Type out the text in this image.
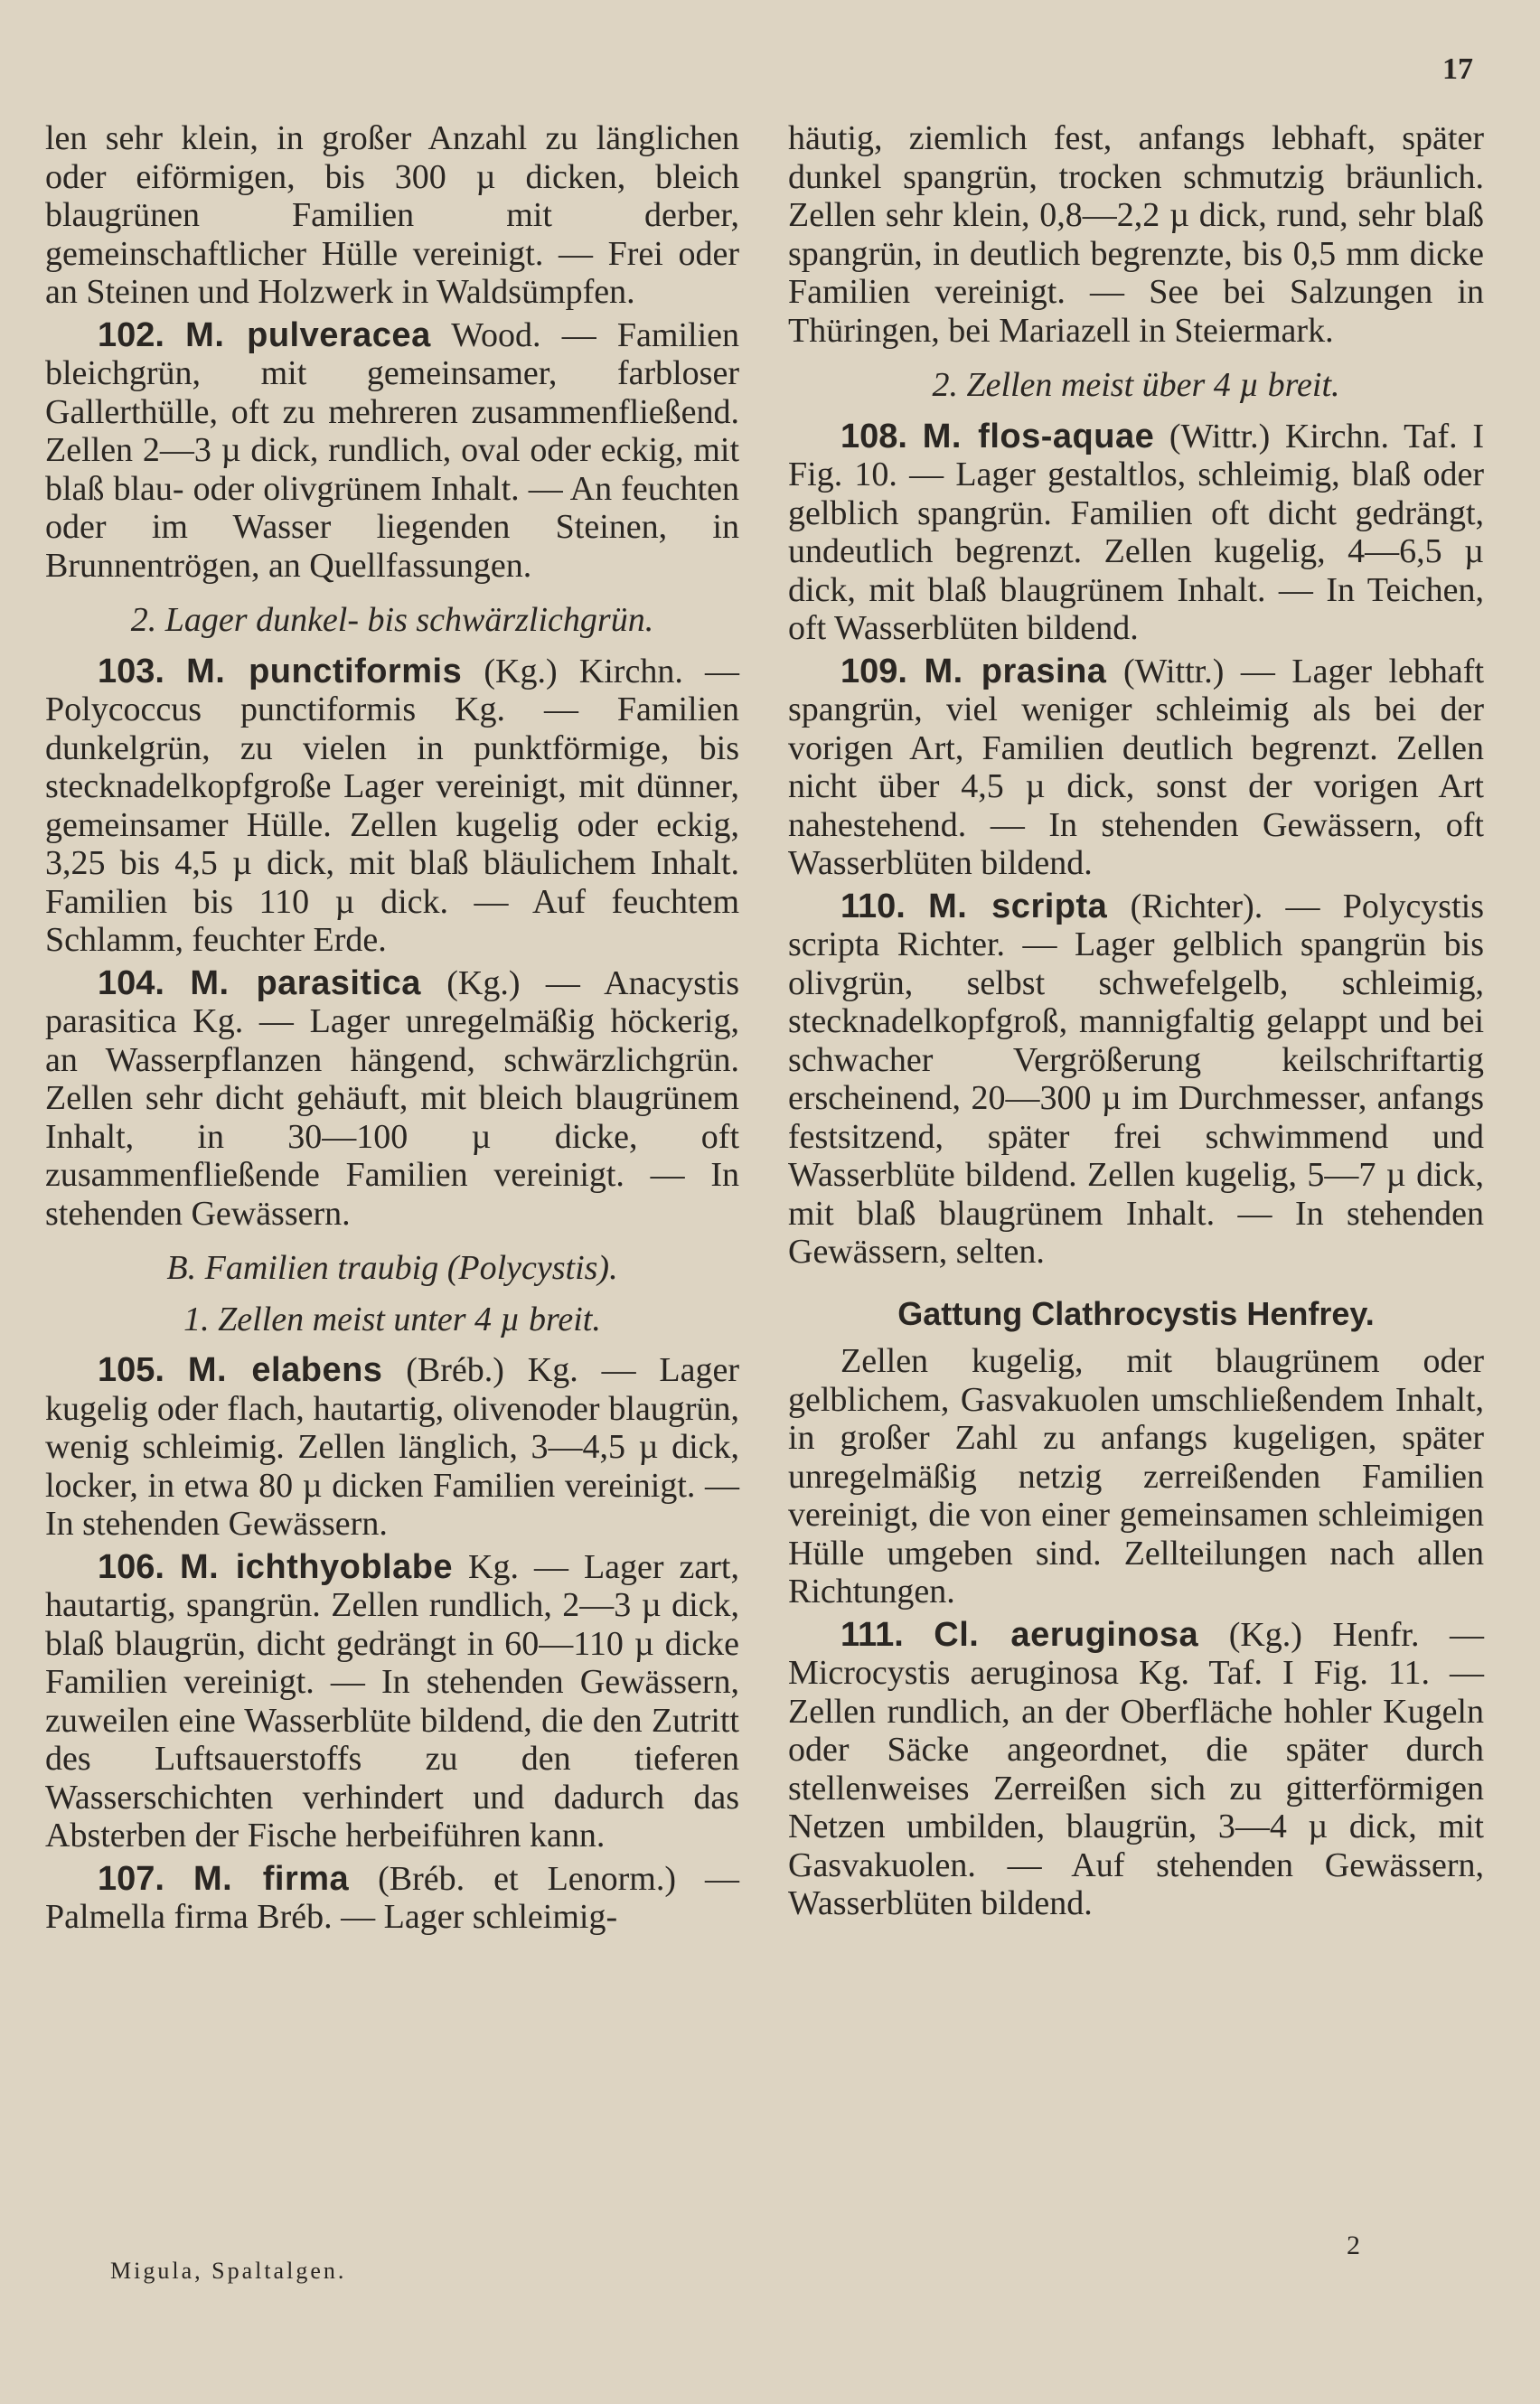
17

len sehr klein, in großer Anzahl zu länglichen oder eiförmigen, bis 300 µ dicken, bleich blaugrünen Familien mit derber, gemeinschaftlicher Hülle vereinigt. — Frei oder an Steinen und Holzwerk in Waldsümpfen.

102. M. pulveracea Wood. — Familien bleichgrün, mit gemeinsamer, farbloser Gallerthülle, oft zu mehreren zusammenfließend. Zellen 2—3 µ dick, rundlich, oval oder eckig, mit blaß blau- oder olivgrünem Inhalt. — An feuchten oder im Wasser liegenden Steinen, in Brunnentrögen, an Quellfassungen.

2. Lager dunkel- bis schwärzlichgrün.

103. M. punctiformis (Kg.) Kirchn. — Polycoccus punctiformis Kg. — Familien dunkelgrün, zu vielen in punktförmige, bis stecknadelkopfgroße Lager vereinigt, mit dünner, gemeinsamer Hülle. Zellen kugelig oder eckig, 3,25 bis 4,5 µ dick, mit blaß bläulichem Inhalt. Familien bis 110 µ dick. — Auf feuchtem Schlamm, feuchter Erde.

104. M. parasitica (Kg.) — Anacystis parasitica Kg. — Lager unregelmäßig höckerig, an Wasserpflanzen hängend, schwärzlichgrün. Zellen sehr dicht gehäuft, mit bleich blaugrünem Inhalt, in 30—100 µ dicke, oft zusammenfließende Familien vereinigt. — In stehenden Gewässern.

B. Familien traubig (Polycystis).

1. Zellen meist unter 4 µ breit.

105. M. elabens (Bréb.) Kg. — Lager kugelig oder flach, hautartig, olivenoder blaugrün, wenig schleimig. Zellen länglich, 3—4,5 µ dick, locker, in etwa 80 µ dicken Familien vereinigt. — In stehenden Gewässern.

106. M. ichthyoblabe Kg. — Lager zart, hautartig, spangrün. Zellen rundlich, 2—3 µ dick, blaß blaugrün, dicht gedrängt in 60—110 µ dicke Familien vereinigt. — In stehenden Gewässern, zuweilen eine Wasserblüte bildend, die den Zutritt des Luftsauerstoffs zu den tieferen Wasserschichten verhindert und dadurch das Absterben der Fische herbeiführen kann.

107. M. firma (Bréb. et Lenorm.) — Palmella firma Bréb. — Lager schleimig-

häutig, ziemlich fest, anfangs lebhaft, später dunkel spangrün, trocken schmutzig bräunlich. Zellen sehr klein, 0,8—2,2 µ dick, rund, sehr blaß spangrün, in deutlich begrenzte, bis 0,5 mm dicke Familien vereinigt. — See bei Salzungen in Thüringen, bei Mariazell in Steiermark.

2. Zellen meist über 4 µ breit.

108. M. flos-aquae (Wittr.) Kirchn. Taf. I Fig. 10. — Lager gestaltlos, schleimig, blaß oder gelblich spangrün. Familien oft dicht gedrängt, undeutlich begrenzt. Zellen kugelig, 4—6,5 µ dick, mit blaß blaugrünem Inhalt. — In Teichen, oft Wasserblüten bildend.

109. M. prasina (Wittr.) — Lager lebhaft spangrün, viel weniger schleimig als bei der vorigen Art, Familien deutlich begrenzt. Zellen nicht über 4,5 µ dick, sonst der vorigen Art nahestehend. — In stehenden Gewässern, oft Wasserblüten bildend.

110. M. scripta (Richter). — Polycystis scripta Richter. — Lager gelblich spangrün bis olivgrün, selbst schwefelgelb, schleimig, stecknadelkopfgroß, mannigfaltig gelappt und bei schwacher Vergrößerung keilschriftartig erscheinend, 20—300 µ im Durchmesser, anfangs festsitzend, später frei schwimmend und Wasserblüte bildend. Zellen kugelig, 5—7 µ dick, mit blaß blaugrünem Inhalt. — In stehenden Gewässern, selten.

Gattung Clathrocystis Henfrey.

Zellen kugelig, mit blaugrünem oder gelblichem, Gasvakuolen umschließendem Inhalt, in großer Zahl zu anfangs kugeligen, später unregelmäßig netzig zerreißenden Familien vereinigt, die von einer gemeinsamen schleimigen Hülle umgeben sind. Zellteilungen nach allen Richtungen.

111. Cl. aeruginosa (Kg.) Henfr. — Microcystis aeruginosa Kg. Taf. I Fig. 11. — Zellen rundlich, an der Oberfläche hohler Kugeln oder Säcke angeordnet, die später durch stellenweises Zerreißen sich zu gitterförmigen Netzen umbilden, blaugrün, 3—4 µ dick, mit Gasvakuolen. — Auf stehenden Gewässern, Wasserblüten bildend.

Migula, Spaltalgen.
2
